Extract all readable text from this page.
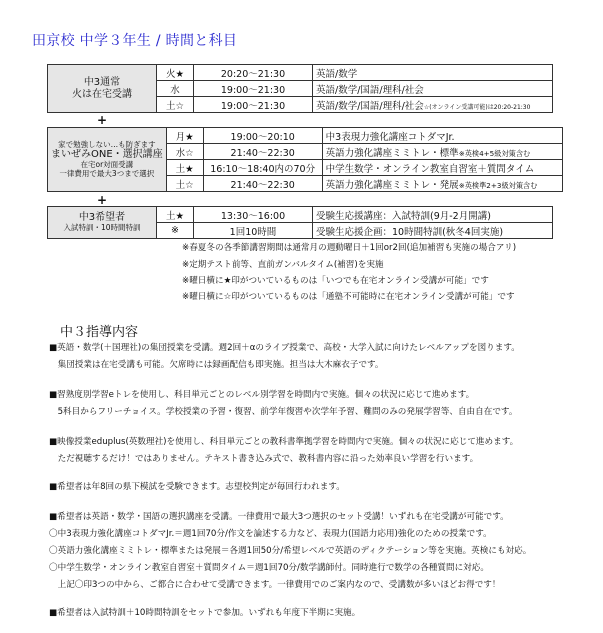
田京校 中学３年生 / 時間と科目
中3通常
火は在宅受講	火★	20:20～21:30	英語/数学
	水	19:00～21:30	英語/数学/国語/理科/社会
	土☆	19:00～21:30	英語/数学/国語/理科/社会☆(オンライン受講可能)は20:20-21:30
+
家で勉強しない…も防ぎます
まいぜみONE・選択講座
在宅or対面受講
一律費用で最大3つまで選択	月★	19:00～20:10	中3表現力強化講座コトダマJr.
	水☆	21:40～22:30	英語力強化講座ミミトレ・標準※英検4+5級対策含む
	土★	16:10～18:40内の70分	中学生数学・オンライン教室自習室＋質問タイム
	土☆	21:40～22:30	英語力強化講座ミミトレ・発展※英検準2+3級対策含む
+
中3希望者
入試特訓・10時間特訓	土★	13:30～16:00	受験生応援講座：入試特訓(9月-2月開講)
	※	1回10時間	受験生応援企画：10時間特訓(秋冬4回実施)
※春夏冬の各季節講習期間は通常月の週動曜日＋1回or2回(追加補習も実施の場合アリ)
※定期テスト前等、直前ガンバルタイム(補習)を実施
※曜日横に★印がついているものは「いつでも在宅オンライン受講が可能」です
※曜日横に☆印がついているものは「通塾不可能時に在宅オンライン受講が可能」です
中３指導内容
■英語・数学(＋国理社)の集団授業を受講。週2回＋αのライブ授業で、高校・大学入試に向けたレベルアップを図ります。
　集団授業は在宅受講も可能。欠席時には録画配信も即実施。担当は大木麻衣子です。
■習熟度別学習eトレを使用し、科目単元ごとのレベル別学習を時間内で実施。個々の状況に応じて進めます。
　5科目からフリーチョイス。学校授業の予習・復習、前学年復習や次学年予習、難問のみの発展学習等、自由自在です。
■映像授業eduplus(英数理社)を使用し、科目単元ごとの教科書準拠学習を時間内で実施。個々の状況に応じて進めます。
　ただ視聴するだけ！ではありません。テキスト書き込み式で、教科書内容に沿った効率良い学習を行います。
■希望者は年8回の県下模試を受験できます。志望校判定が毎回行われます。
■希望者は英語・数学・国語の選択講座を受講。一律費用で最大3つ選択のセット受講！いずれも在宅受講が可能です。
〇中3表現力強化講座コトダマJr.＝週1回70分/作文を論述する力など、表現力(国語力応用)強化のための授業です。
〇英語力強化講座ミミトレ・標準または発展＝各週1回50分/希望レベルで英語のディクテーション等を実施。英検にも対応。
〇中学生数学・オンライン教室自習室＋質問タイム＝週1回70分/数学講師付。同時進行で数学の各種質問に対応。
　上記〇印3つの中から、ご都合に合わせて受講できます。一律費用でのご案内なので、受講数が多いほどお得です！
■希望者は入試特訓＋10時間特訓をセットで参加。いずれも年度下半期に実施。
